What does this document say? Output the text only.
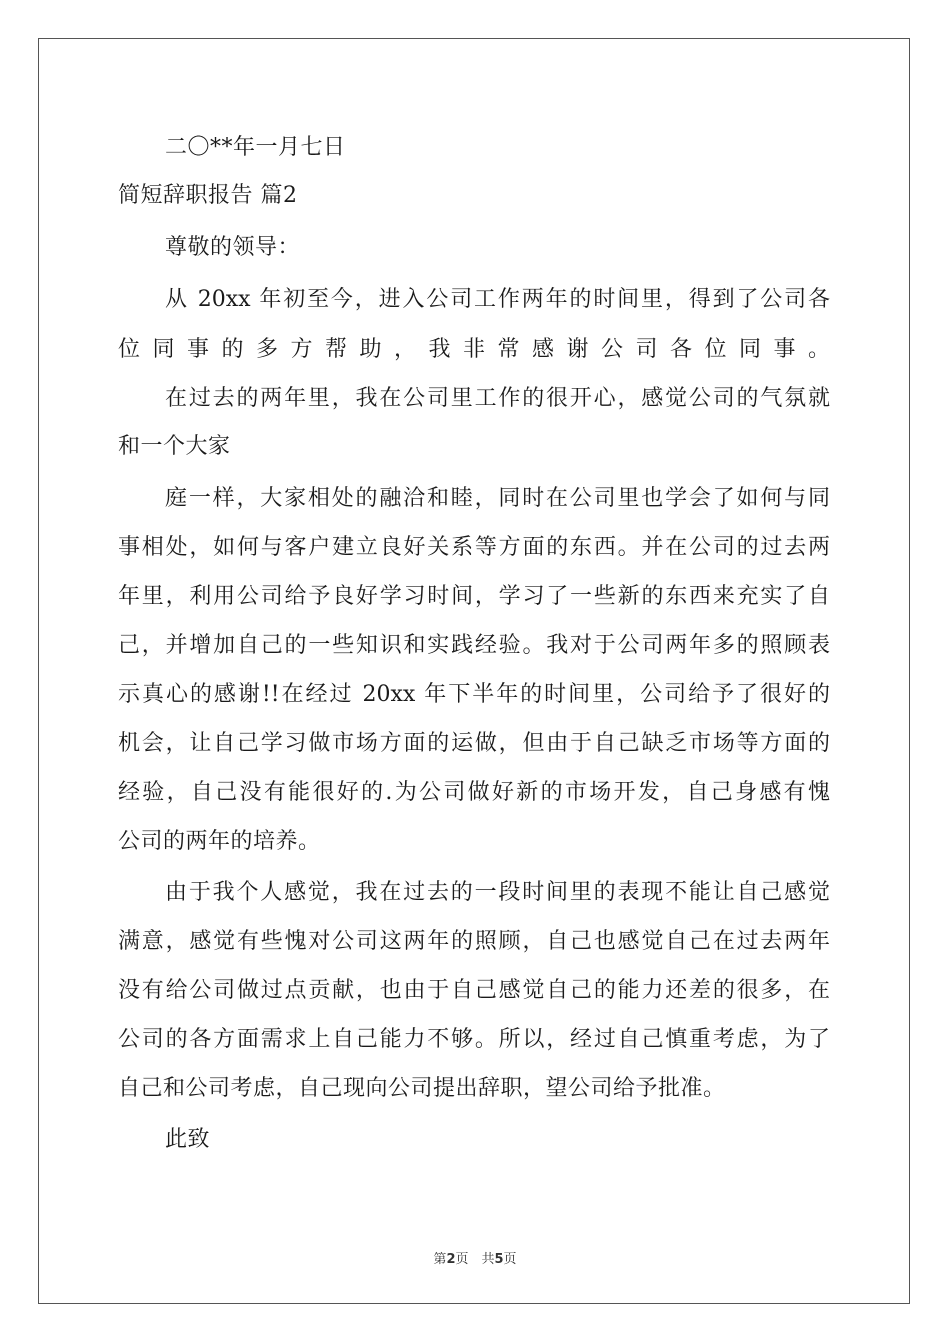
二〇**年一月七日
简短辞职报告 篇2
尊敬的领导：
从 20xx 年初至今，进入公司工作两年的时间里，得到了公司各
位同事的多方帮助，我非常感谢公司各位同事。
在过去的两年里，我在公司里工作的很开心，感觉公司的气氛就
和一个大家
庭一样，大家相处的融洽和睦，同时在公司里也学会了如何与同
事相处，如何与客户建立良好关系等方面的东西。并在公司的过去两
年里，利用公司给予良好学习时间，学习了一些新的东西来充实了自
己，并增加自己的一些知识和实践经验。我对于公司两年多的照顾表
示真心的感谢!!在经过 20xx 年下半年的时间里，公司给予了很好的
机会，让自己学习做市场方面的运做，但由于自己缺乏市场等方面的
经验，自己没有能很好的.为公司做好新的市场开发，自己身感有愧
公司的两年的培养。
由于我个人感觉，我在过去的一段时间里的表现不能让自己感觉
满意，感觉有些愧对公司这两年的照顾，自己也感觉自己在过去两年
没有给公司做过点贡献，也由于自己感觉自己的能力还差的很多，在
公司的各方面需求上自己能力不够。所以，经过自己慎重考虑，为了
自己和公司考虑，自己现向公司提出辞职，望公司给予批准。
此致
第2页　共5页
